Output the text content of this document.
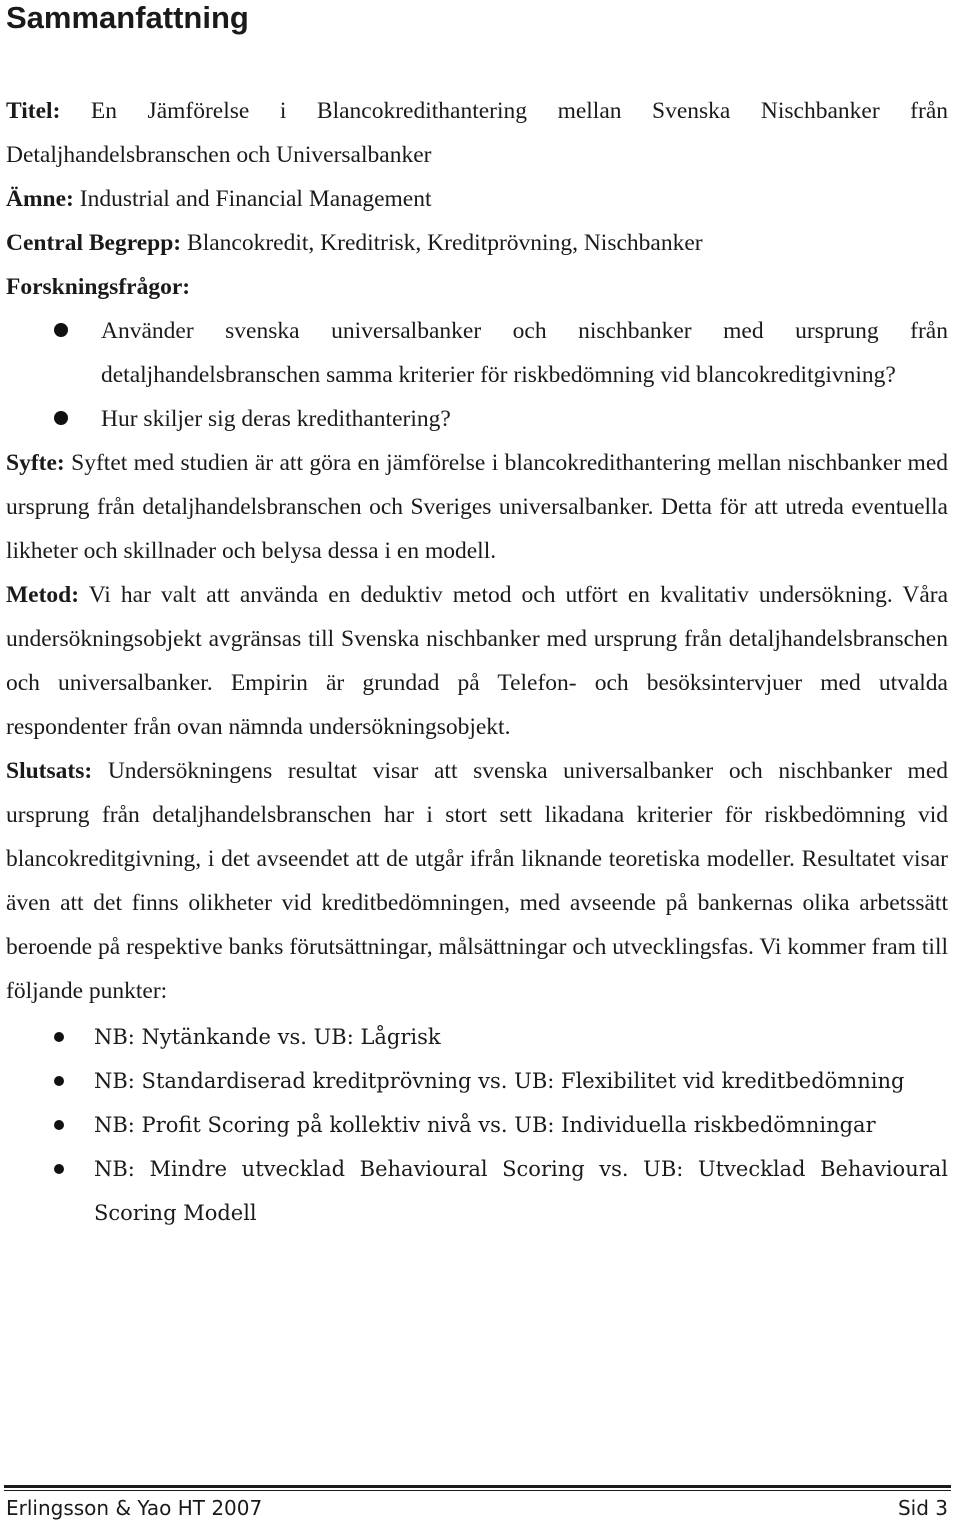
Sammanfattning

Titel: En Jämförelse i Blancokredithantering mellan Svenska Nischbanker från Detaljhandelsbranschen och Universalbanker

Ämne: Industrial and Financial Management

Central Begrepp: Blancokredit, Kreditrisk, Kreditprövning, Nischbanker

Forskningsfrågor:

Använder svenska universalbanker och nischbanker med ursprung från detaljhandelsbranschen samma kriterier för riskbedömning vid blancokreditgivning?
Hur skiljer sig deras kredithantering?

Syfte: Syftet med studien är att göra en jämförelse i blancokredithantering mellan nischbanker med ursprung från detaljhandelsbranschen och Sveriges universalbanker. Detta för att utreda eventuella likheter och skillnader och belysa dessa i en modell.

Metod: Vi har valt att använda en deduktiv metod och utfört en kvalitativ undersökning. Våra undersökningsobjekt avgränsas till Svenska nischbanker med ursprung från detaljhandelsbranschen och universalbanker. Empirin är grundad på Telefon- och besöksintervjuer med utvalda respondenter från ovan nämnda undersökningsobjekt.

Slutsats: Undersökningens resultat visar att svenska universalbanker och nischbanker med ursprung från detaljhandelsbranschen har i stort sett likadana kriterier för riskbedömning vid blancokreditgivning, i det avseendet att de utgår ifrån liknande teoretiska modeller. Resultatet visar även att det finns olikheter vid kreditbedömningen, med avseende på bankernas olika arbetssätt beroende på respektive banks förutsättningar, målsättningar och utvecklingsfas. Vi kommer fram till följande punkter:

NB: Nytänkande vs. UB: Lågrisk
NB: Standardiserad kreditprövning vs. UB: Flexibilitet vid kreditbedömning
NB: Profit Scoring på kollektiv nivå vs. UB: Individuella riskbedömningar
NB: Mindre utvecklad Behavioural Scoring vs. UB: Utvecklad Behavioural Scoring Modell
Erlingsson & Yao HT 2007	Sid 3
